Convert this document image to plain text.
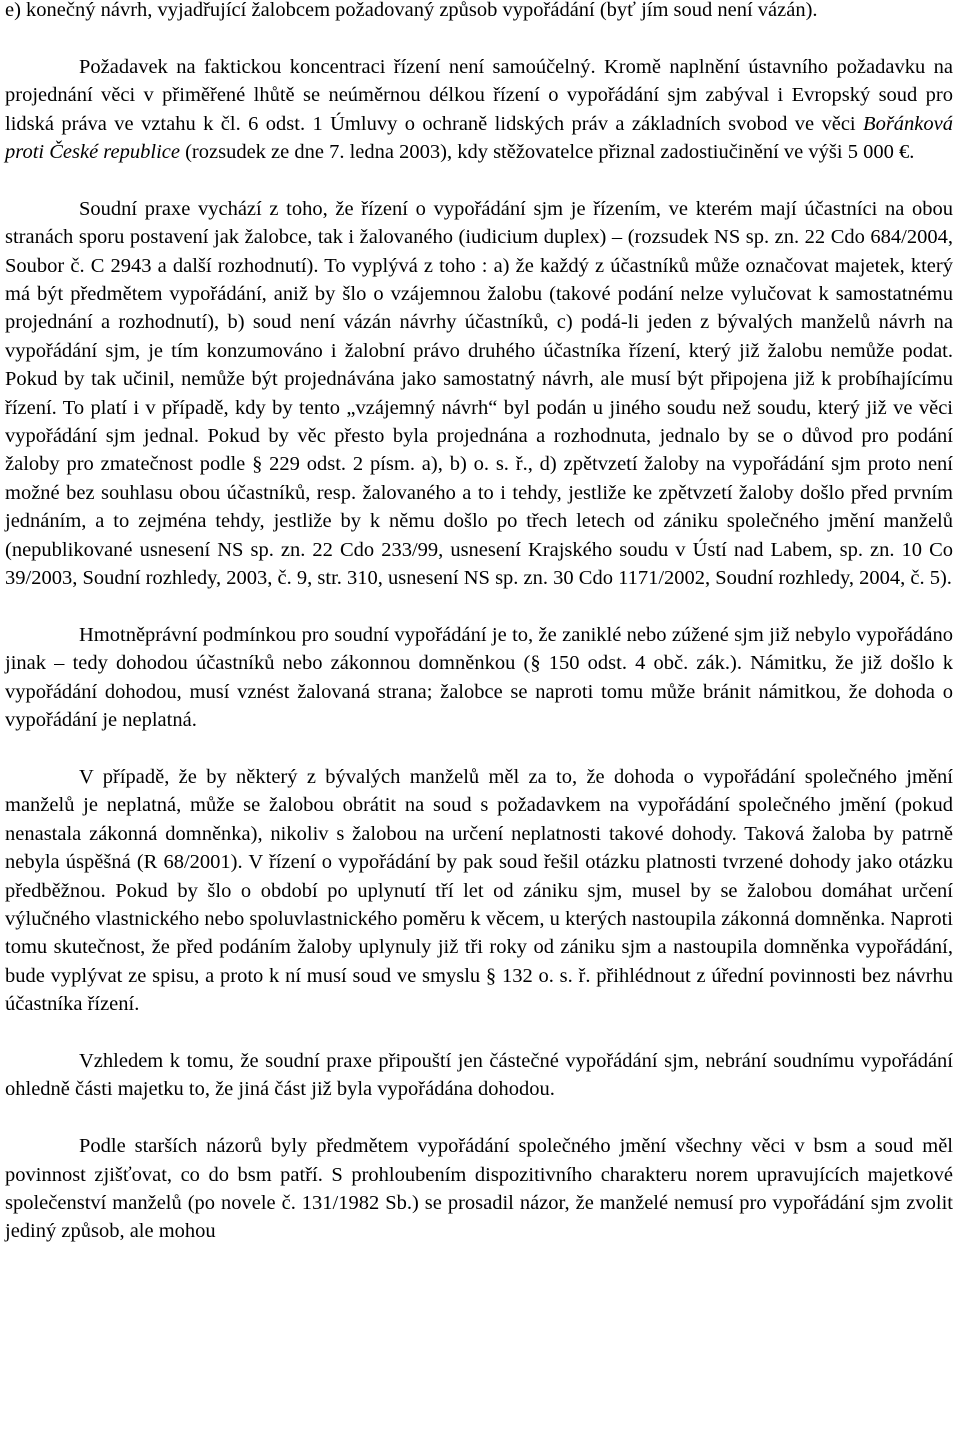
e) konečný návrh, vyjadřující žalobcem požadovaný způsob vypořádání (byť jím soud není vázán).

Požadavek na faktickou koncentraci řízení není samoúčelný. Kromě naplnění ústavního požadavku na projednání věci v přiměřené lhůtě se neúměrnou délkou řízení o vypořádání sjm zabýval i Evropský soud pro lidská práva ve vztahu k čl. 6 odst. 1 Úmluvy o ochraně lidských práv a základních svobod ve věci Bořánková proti České republice (rozsudek ze dne 7. ledna 2003), kdy stěžovatelce přiznal zadostiučinění ve výši 5 000 €.

Soudní praxe vychází z toho, že řízení o vypořádání sjm je řízením, ve kterém mají účastníci na obou stranách sporu postavení jak žalobce, tak i žalovaného (iudicium duplex) – (rozsudek NS sp. zn. 22 Cdo 684/2004, Soubor č. C 2943 a další rozhodnutí). To vyplývá z toho : a) že každý z účastníků může označovat majetek, který má být předmětem vypořádání, aniž by šlo o vzájemnou žalobu (takové podání nelze vylučovat k samostatnému projednání a rozhodnutí), b) soud není vázán návrhy účastníků, c) podá-li jeden z bývalých manželů návrh na vypořádání sjm, je tím konzumováno i žalobní právo druhého účastníka řízení, který již žalobu nemůže podat. Pokud by tak učinil, nemůže být projednávána jako samostatný návrh, ale musí být připojena již k probíhajícímu řízení. To platí i v případě, kdy by tento „vzájemný návrh“ byl podán u jiného soudu než soudu, který již ve věci vypořádání sjm jednal. Pokud by věc přesto byla projednána a rozhodnuta, jednalo by se o důvod pro podání žaloby pro zmatečnost podle § 229 odst. 2 písm. a), b) o. s. ř., d) zpětvzetí žaloby na vypořádání sjm proto není možné bez souhlasu obou účastníků, resp. žalovaného a to i tehdy, jestliže ke zpětvzetí žaloby došlo před prvním jednáním, a to zejména tehdy, jestliže by k němu došlo po třech letech od zániku společného jmění manželů (nepublikované usnesení NS sp. zn. 22 Cdo 233/99, usnesení Krajského soudu v Ústí nad Labem, sp. zn. 10 Co 39/2003, Soudní rozhledy, 2003, č. 9, str. 310, usnesení NS sp. zn. 30 Cdo 1171/2002, Soudní rozhledy, 2004, č. 5).

Hmotněprávní podmínkou pro soudní vypořádání je to, že zaniklé nebo zúžené sjm již nebylo vypořádáno jinak – tedy dohodou účastníků nebo zákonnou domněnkou (§ 150 odst. 4 obč. zák.). Námitku, že již došlo k vypořádání dohodou, musí vznést žalovaná strana; žalobce se naproti tomu může bránit námitkou, že dohoda o vypořádání je neplatná.

V případě, že by některý z bývalých manželů měl za to, že dohoda o vypořádání společného jmění manželů je neplatná, může se žalobou obrátit na soud s požadavkem na vypořádání společného jmění (pokud nenastala zákonná domněnka), nikoliv s žalobou na určení neplatnosti takové dohody. Taková žaloba by patrně nebyla úspěšná (R 68/2001). V řízení o vypořádání by pak soud řešil otázku platnosti tvrzené dohody jako otázku předběžnou. Pokud by šlo o období po uplynutí tří let od zániku sjm, musel by se žalobou domáhat určení výlučného vlastnického nebo spoluvlastnického poměru k věcem, u kterých nastoupila zákonná domněnka. Naproti tomu skutečnost, že před podáním žaloby uplynuly již tři roky od zániku sjm a nastoupila domněnka vypořádání, bude vyplývat ze spisu, a proto k ní musí soud ve smyslu § 132 o. s. ř. přihlédnout z úřední povinnosti bez návrhu účastníka řízení.

Vzhledem k tomu, že soudní praxe připouští jen částečné vypořádání sjm, nebrání soudnímu vypořádání ohledně části majetku to, že jiná část již byla vypořádána dohodou.

Podle starších názorů byly předmětem vypořádání společného jmění všechny věci v bsm a soud měl povinnost zjišťovat, co do bsm patří. S prohloubením dispozitivního charakteru norem upravujících majetkové společenství manželů (po novele č. 131/1982 Sb.) se prosadil názor, že manželé nemusí pro vypořádání sjm zvolit jediný způsob, ale mohou
